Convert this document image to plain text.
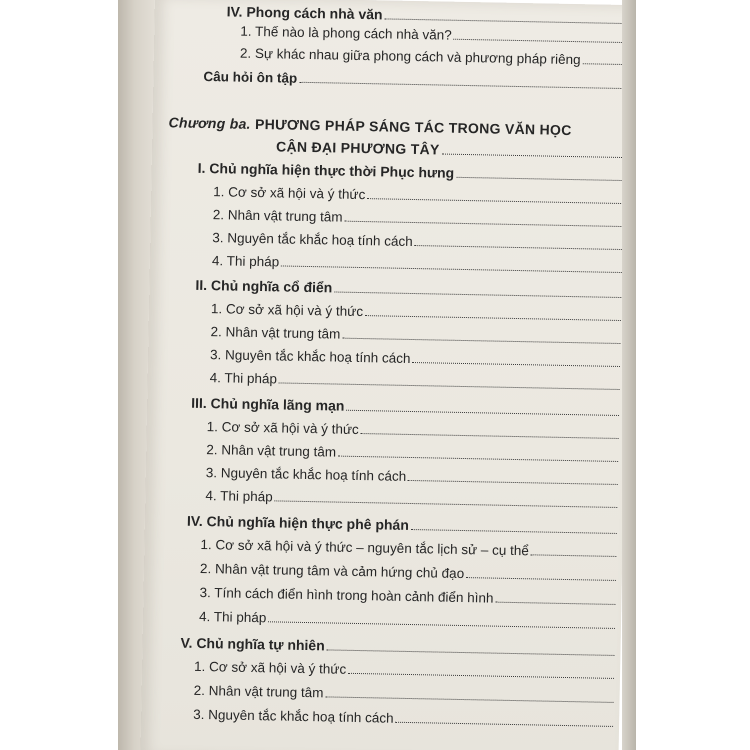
IV. Phong cách nhà văn
1. Thế nào là phong cách nhà văn?
2. Sự khác nhau giữa phong cách và phương pháp riêng
Câu hỏi ôn tập
Chương ba. PHƯƠNG PHÁP SÁNG TÁC TRONG VĂN HỌC
CẬN ĐẠI PHƯƠNG TÂY
I. Chủ nghĩa hiện thực thời Phục hưng
1. Cơ sở xã hội và ý thức
2. Nhân vật trung tâm
3. Nguyên tắc khắc hoạ tính cách
4. Thi pháp
II. Chủ nghĩa cổ điển
1. Cơ sở xã hội và ý thức
2. Nhân vật trung tâm
3. Nguyên tắc khắc hoạ tính cách
4. Thi pháp
III. Chủ nghĩa lãng mạn
1. Cơ sở xã hội và ý thức
2. Nhân vật trung tâm
3. Nguyên tắc khắc hoạ tính cách
4. Thi pháp
IV. Chủ nghĩa hiện thực phê phán
1. Cơ sở xã hội và ý thức – nguyên tắc lịch sử – cụ thể
2. Nhân vật trung tâm và cảm hứng chủ đạo
3. Tính cách điển hình trong hoàn cảnh điển hình
4. Thi pháp
V. Chủ nghĩa tự nhiên
1. Cơ sở xã hội và ý thức
2. Nhân vật trung tâm
3. Nguyên tắc khắc hoạ tính cách
